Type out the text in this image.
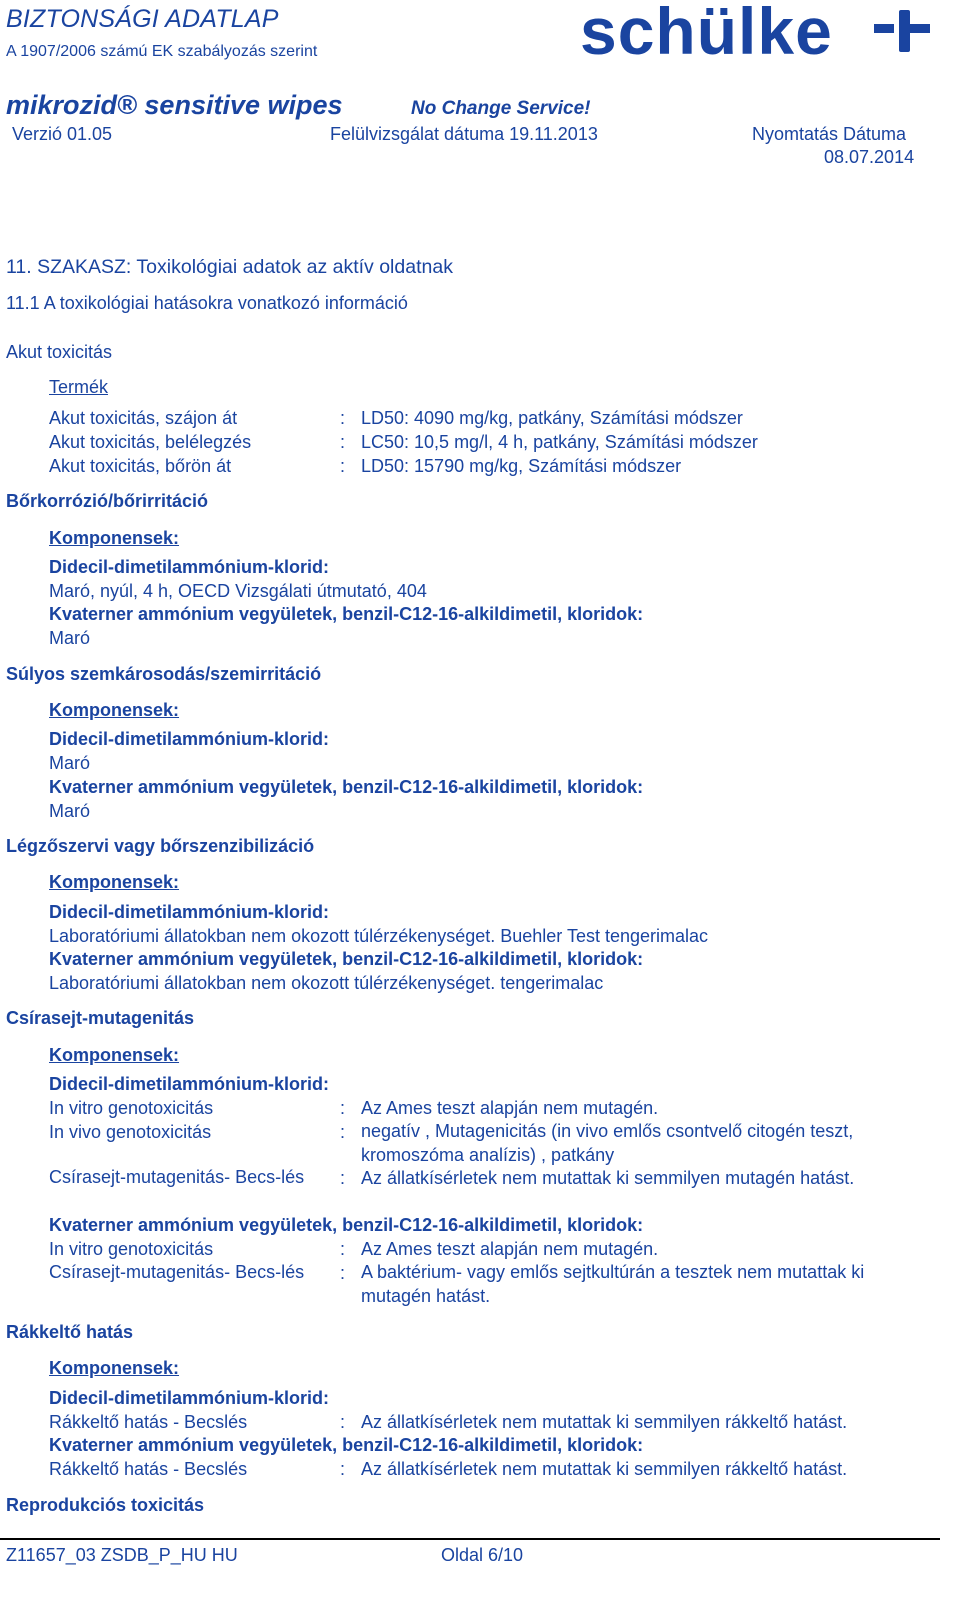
BIZTONSÁGI ADATLAP
A 1907/2006 számú EK szabályozás szerint	schülke
mikrozid® sensitive wipes	No Change Service!
Verzió 01.05	Felülvizsgálat dátuma 19.11.2013	Nyomtatás Dátuma
08.07.2014
11. SZAKASZ: Toxikológiai adatok az aktív oldatnak
11.1 A toxikológiai hatásokra vonatkozó információ
Akut toxicitás
Termék
Akut toxicitás, szájon át	: LD50: 4090 mg/kg, patkány, Számítási módszer
Akut toxicitás, belélegzés	: LC50: 10,5 mg/l, 4 h, patkány, Számítási módszer
Akut toxicitás, bőrön át	: LD50: 15790 mg/kg, Számítási módszer
Bőrkorrózió/bőrirritáció
Komponensek:
Didecil-dimetilammónium-klorid:
Maró, nyúl, 4 h, OECD Vizsgálati útmutató, 404
Kvaterner ammónium vegyületek, benzil-C12-16-alkildimetil, kloridok:
Maró
Súlyos szemkárosodás/szemirritáció
Komponensek:
Didecil-dimetilammónium-klorid:
Maró
Kvaterner ammónium vegyületek, benzil-C12-16-alkildimetil, kloridok:
Maró
Légzőszervi vagy bőrszenzibilizáció
Komponensek:
Didecil-dimetilammónium-klorid:
Laboratóriumi állatokban nem okozott túlérzékenységet. Buehler Test tengerimalac
Kvaterner ammónium vegyületek, benzil-C12-16-alkildimetil, kloridok:
Laboratóriumi állatokban nem okozott túlérzékenységet. tengerimalac
Csírasejt-mutagenitás
Komponensek:
Didecil-dimetilammónium-klorid:
In vitro genotoxicitás	: Az Ames teszt alapján nem mutagén.
In vivo genotoxicitás	: negatív , Mutagenicitás (in vivo emlős csontvelő citogén teszt, kromoszóma analízis) , patkány
Csírasejt-mutagenitás- Becs-lés	: Az állatkísérletek nem mutattak ki semmilyen mutagén hatást.
Kvaterner ammónium vegyületek, benzil-C12-16-alkildimetil, kloridok:
In vitro genotoxicitás	: Az Ames teszt alapján nem mutagén.
Csírasejt-mutagenitás- Becs-lés	: A baktérium- vagy emlős sejtkultúrán a tesztek nem mutattak ki mutagén hatást.
Rákkeltő hatás
Komponensek:
Didecil-dimetilammónium-klorid:
Rákkeltő hatás - Becslés	: Az állatkísérletek nem mutattak ki semmilyen rákkeltő hatást.
Kvaterner ammónium vegyületek, benzil-C12-16-alkildimetil, kloridok:
Rákkeltő hatás - Becslés	: Az állatkísérletek nem mutattak ki semmilyen rákkeltő hatást.
Reprodukciós toxicitás
Z11657_03 ZSDB_P_HU HU	Oldal 6/10
